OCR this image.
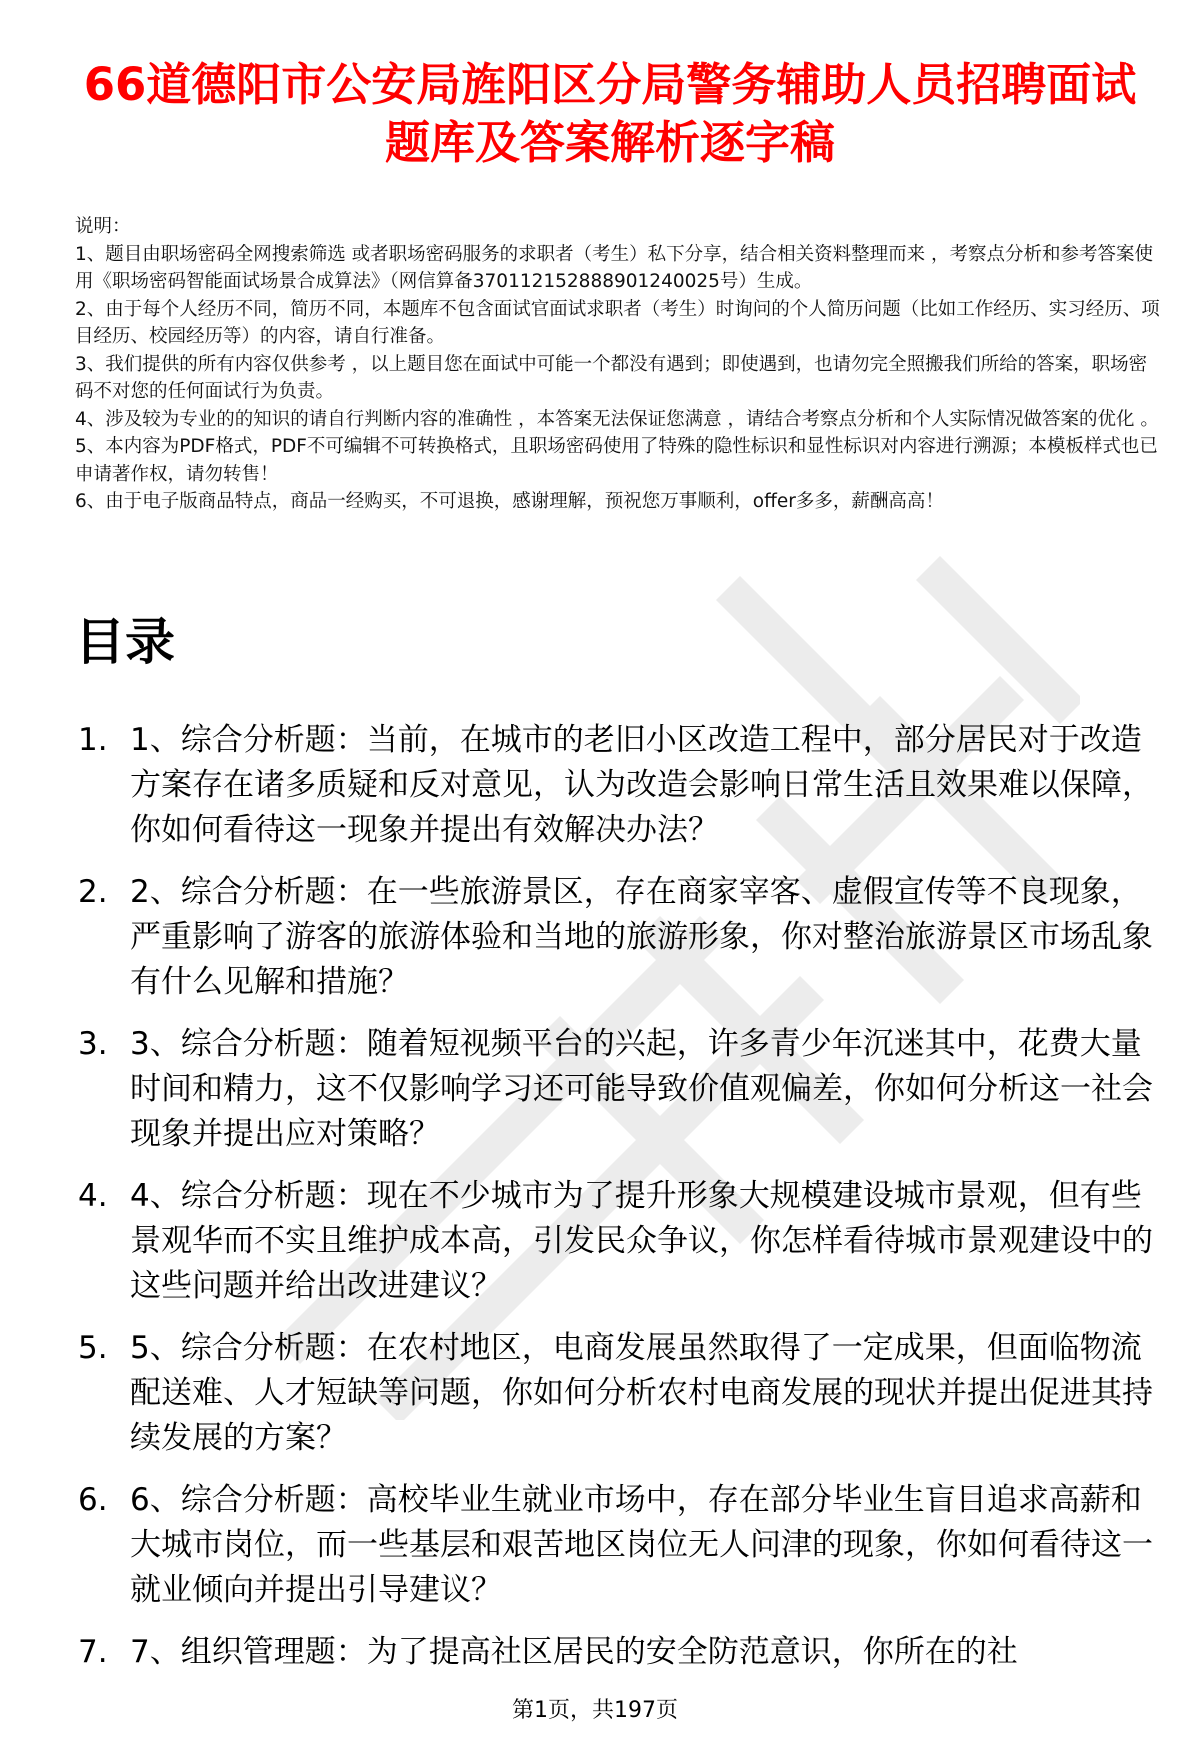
66道德阳市公安局旌阳区分局警务辅助人员招聘面试题库及答案解析逐字稿

说明：

1、题目由职场密码全网搜索筛选 或者职场密码服务的求职者（考生）私下分享，结合相关资料整理而来 ，考察点分析和参考答案使用《职场密码智能面试场景合成算法》（网信算备370112152888901240025号）生成。

2、由于每个人经历不同，简历不同，本题库不包含面试官面试求职者（考生）时询问的个人简历问题（比如工作经历、实习经历、项目经历、校园经历等）的内容，请自行准备。

3、我们提供的所有内容仅供参考 ，以上题目您在面试中可能一个都没有遇到；即使遇到，也请勿完全照搬我们所给的答案，职场密码不对您的任何面试行为负责。

4、涉及较为专业的的知识的请自行判断内容的准确性 ，本答案无法保证您满意 ，请结合考察点分析和个人实际情况做答案的优化 。

5、本内容为PDF格式，PDF不可编辑不可转换格式，且职场密码使用了特殊的隐性标识和显性标识对内容进行溯源；本模板样式也已申请著作权，请勿转售！

6、由于电子版商品特点，商品一经购买，不可退换，感谢理解，预祝您万事顺利，offer多多，薪酬高高！

目录
1. 1、综合分析题：当前，在城市的老旧小区改造工程中，部分居民对于改造方案存在诸多质疑和反对意见，认为改造会影响日常生活且效果难以保障，你如何看待这一现象并提出有效解决办法？
2. 2、综合分析题：在一些旅游景区，存在商家宰客、虚假宣传等不良现象，严重影响了游客的旅游体验和当地的旅游形象，你对整治旅游景区市场乱象有什么见解和措施？
3. 3、综合分析题：随着短视频平台的兴起，许多青少年沉迷其中，花费大量时间和精力，这不仅影响学习还可能导致价值观偏差，你如何分析这一社会现象并提出应对策略？
4. 4、综合分析题：现在不少城市为了提升形象大规模建设城市景观，但有些景观华而不实且维护成本高，引发民众争议，你怎样看待城市景观建设中的这些问题并给出改进建议？
5. 5、综合分析题：在农村地区，电商发展虽然取得了一定成果，但面临物流配送难、人才短缺等问题，你如何分析农村电商发展的现状并提出促进其持续发展的方案？
6. 6、综合分析题：高校毕业生就业市场中，存在部分毕业生盲目追求高薪和大城市岗位，而一些基层和艰苦地区岗位无人问津的现象，你如何看待这一就业倾向并提出引导建议？
7. 7、组织管理题：为了提高社区居民的安全防范意识，你所在的社
第1页，共197页
